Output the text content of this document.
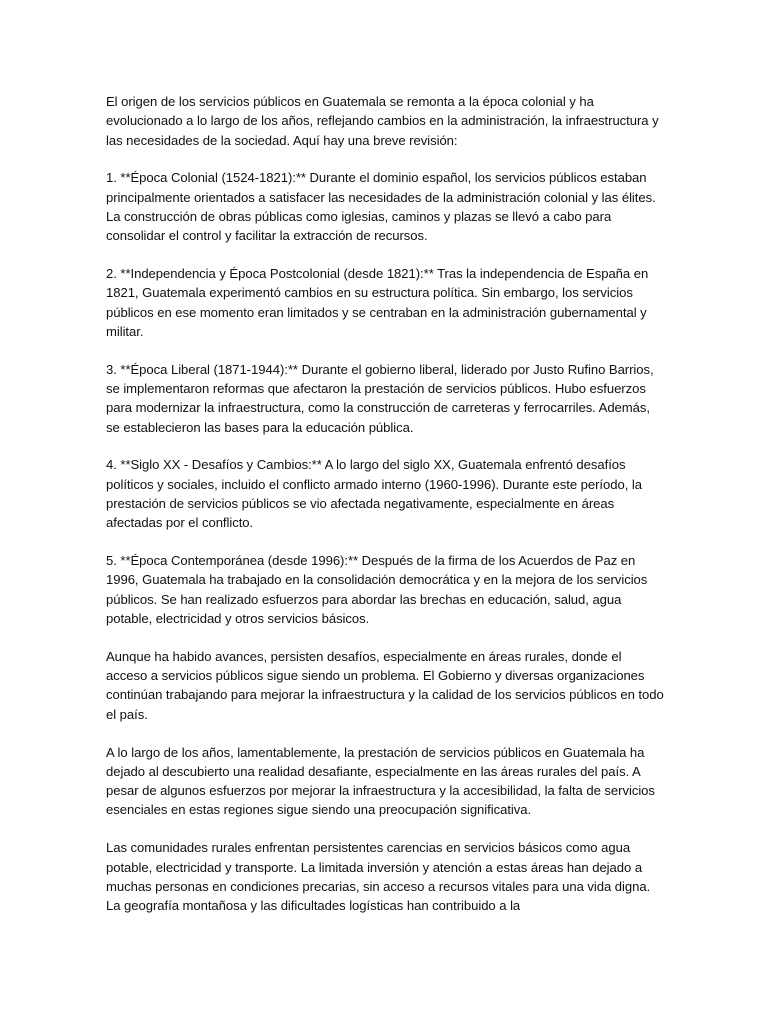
El origen de los servicios públicos en Guatemala se remonta a la época colonial y ha evolucionado a lo largo de los años, reflejando cambios en la administración, la infraestructura y las necesidades de la sociedad. Aquí hay una breve revisión:

1. **Época Colonial (1524-1821):** Durante el dominio español, los servicios públicos estaban principalmente orientados a satisfacer las necesidades de la administración colonial y las élites. La construcción de obras públicas como iglesias, caminos y plazas se llevó a cabo para consolidar el control y facilitar la extracción de recursos.

2. **Independencia y Época Postcolonial (desde 1821):** Tras la independencia de España en 1821, Guatemala experimentó cambios en su estructura política. Sin embargo, los servicios públicos en ese momento eran limitados y se centraban en la administración gubernamental y militar.

3. **Época Liberal (1871-1944):** Durante el gobierno liberal, liderado por Justo Rufino Barrios, se implementaron reformas que afectaron la prestación de servicios públicos. Hubo esfuerzos para modernizar la infraestructura, como la construcción de carreteras y ferrocarriles. Además, se establecieron las bases para la educación pública.

4. **Siglo XX - Desafíos y Cambios:** A lo largo del siglo XX, Guatemala enfrentó desafíos políticos y sociales, incluido el conflicto armado interno (1960-1996). Durante este período, la prestación de servicios públicos se vio afectada negativamente, especialmente en áreas afectadas por el conflicto.

5. **Época Contemporánea (desde 1996):** Después de la firma de los Acuerdos de Paz en 1996, Guatemala ha trabajado en la consolidación democrática y en la mejora de los servicios públicos. Se han realizado esfuerzos para abordar las brechas en educación, salud, agua potable, electricidad y otros servicios básicos.

Aunque ha habido avances, persisten desafíos, especialmente en áreas rurales, donde el acceso a servicios públicos sigue siendo un problema. El Gobierno y diversas organizaciones continúan trabajando para mejorar la infraestructura y la calidad de los servicios públicos en todo el país.

A lo largo de los años, lamentablemente, la prestación de servicios públicos en Guatemala ha dejado al descubierto una realidad desafiante, especialmente en las áreas rurales del país. A pesar de algunos esfuerzos por mejorar la infraestructura y la accesibilidad, la falta de servicios esenciales en estas regiones sigue siendo una preocupación significativa.

Las comunidades rurales enfrentan persistentes carencias en servicios básicos como agua potable, electricidad y transporte. La limitada inversión y atención a estas áreas han dejado a muchas personas en condiciones precarias, sin acceso a recursos vitales para una vida digna. La geografía montañosa y las dificultades logísticas han contribuido a la
